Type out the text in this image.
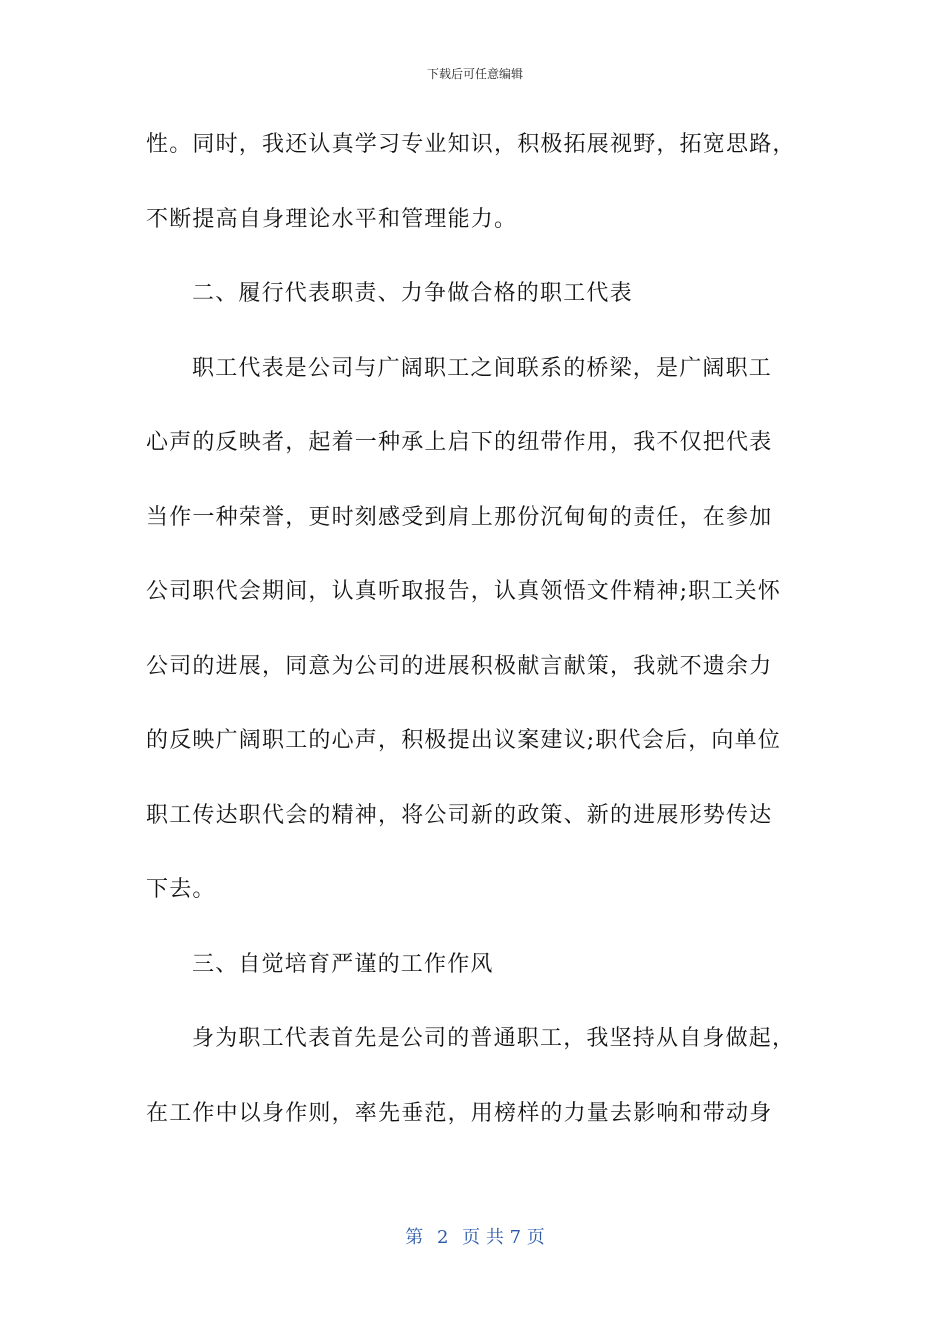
下载后可任意编辑
性。同时，我还认真学习专业知识，积极拓展视野，拓宽思路，
不断提高自身理论水平和管理能力。
二、履行代表职责、力争做合格的职工代表
职工代表是公司与广阔职工之间联系的桥梁，是广阔职工
心声的反映者，起着一种承上启下的纽带作用，我不仅把代表
当作一种荣誉，更时刻感受到肩上那份沉甸甸的责任，在参加
公司职代会期间，认真听取报告，认真领悟文件精神;职工关怀
公司的进展，同意为公司的进展积极献言献策，我就不遗余力
的反映广阔职工的心声，积极提出议案建议;职代会后，向单位
职工传达职代会的精神，将公司新的政策、新的进展形势传达
下去。
三、自觉培育严谨的工作作风
身为职工代表首先是公司的普通职工，我坚持从自身做起，
在工作中以身作则，率先垂范，用榜样的力量去影响和带动身
第 2 页 共 7 页
